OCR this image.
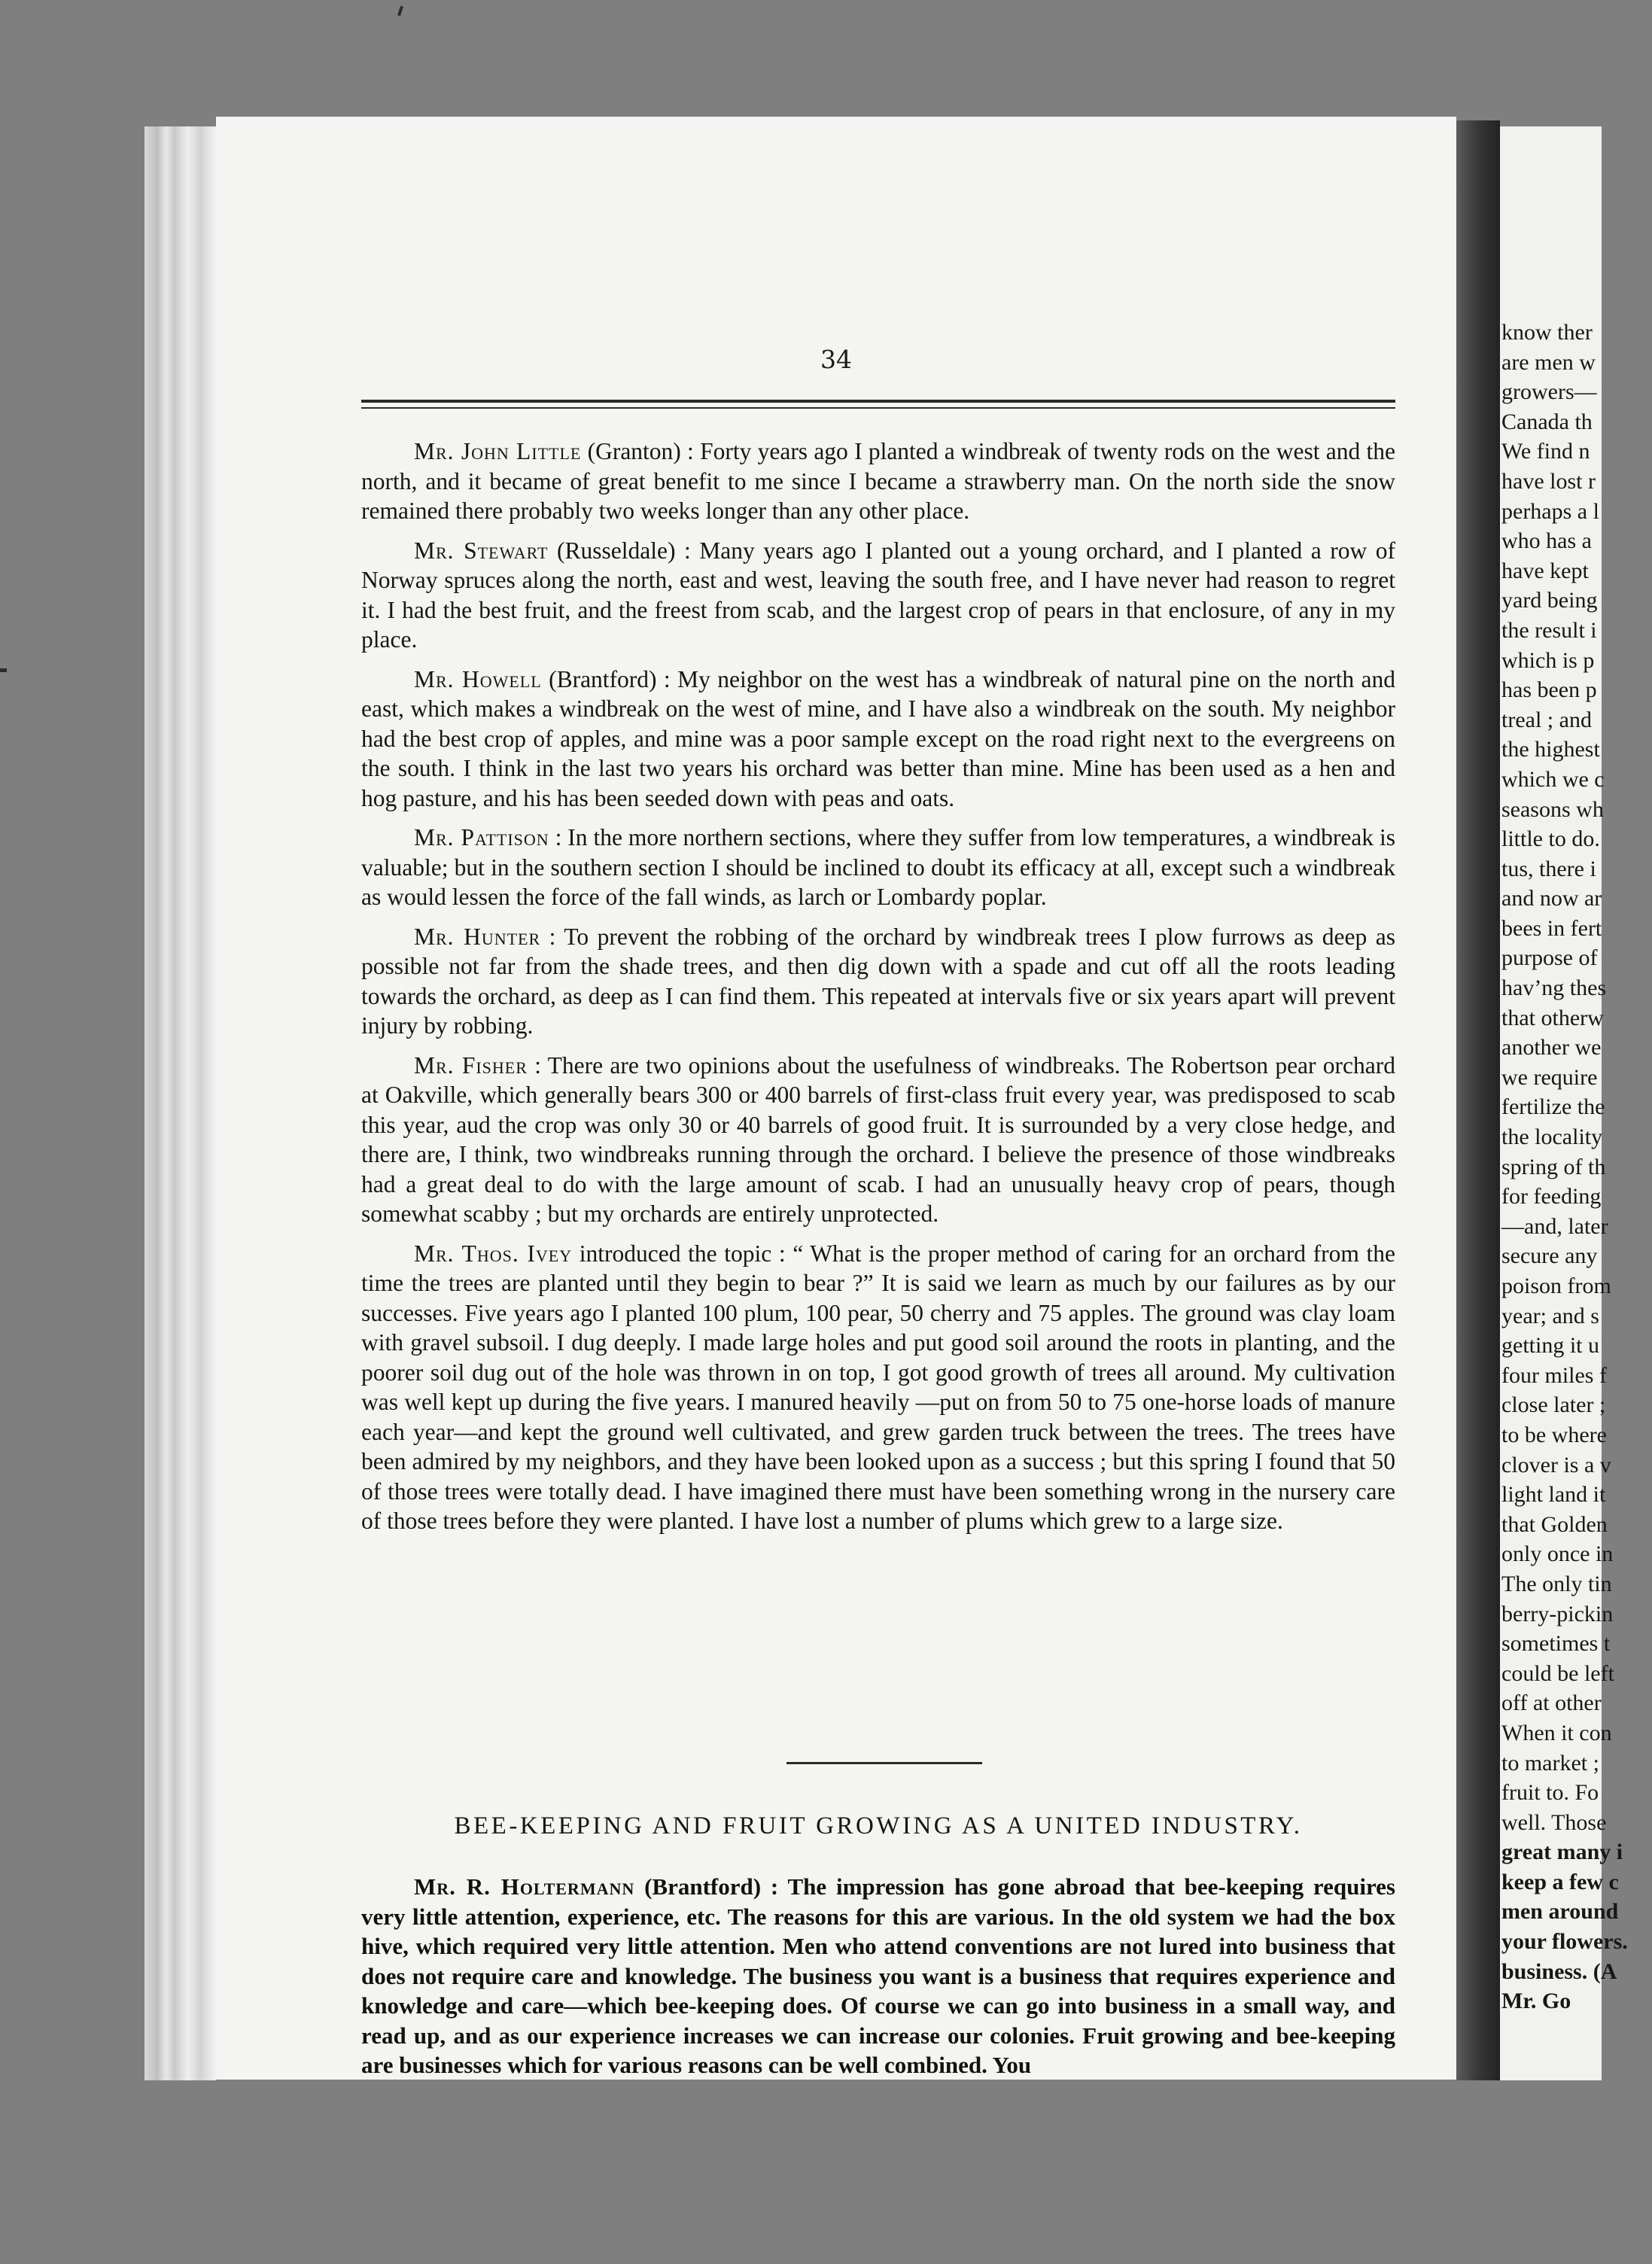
34

Mr. John Little (Granton) : Forty years ago I planted a windbreak of twenty rods on the west and the north, and it became of great benefit to me since I became a strawberry man. On the north side the snow remained there probably two weeks longer than any other place.

Mr. Stewart (Russeldale) : Many years ago I planted out a young orchard, and I planted a row of Norway spruces along the north, east and west, leaving the south free, and I have never had reason to regret it. I had the best fruit, and the freest from scab, and the largest crop of pears in that enclosure, of any in my place.

Mr. Howell (Brantford) : My neighbor on the west has a windbreak of natural pine on the north and east, which makes a windbreak on the west of mine, and I have also a windbreak on the south. My neighbor had the best crop of apples, and mine was a poor sample except on the road right next to the evergreens on the south. I think in the last two years his orchard was better than mine. Mine has been used as a hen and hog pasture, and his has been seeded down with peas and oats.

Mr. Pattison : In the more northern sections, where they suffer from low temperatures, a windbreak is valuable; but in the southern section I should be inclined to doubt its efficacy at all, except such a windbreak as would lessen the force of the fall winds, as larch or Lombardy poplar.

Mr. Hunter : To prevent the robbing of the orchard by windbreak trees I plow furrows as deep as possible not far from the shade trees, and then dig down with a spade and cut off all the roots leading towards the orchard, as deep as I can find them. This repeated at intervals five or six years apart will prevent injury by robbing.

Mr. Fisher : There are two opinions about the usefulness of windbreaks. The Robertson pear orchard at Oakville, which generally bears 300 or 400 barrels of first-class fruit every year, was predisposed to scab this year, aud the crop was only 30 or 40 barrels of good fruit. It is surrounded by a very close hedge, and there are, I think, two windbreaks running through the orchard. I believe the presence of those windbreaks had a great deal to do with the large amount of scab. I had an unusually heavy crop of pears, though somewhat scabby ; but my orchards are entirely unprotected.

Mr. Thos. Ivey introduced the topic : “ What is the proper method of caring for an orchard from the time the trees are planted until they begin to bear ?” It is said we learn as much by our failures as by our successes. Five years ago I planted 100 plum, 100 pear, 50 cherry and 75 apples. The ground was clay loam with gravel subsoil. I dug deeply. I made large holes and put good soil around the roots in planting, and the poorer soil dug out of the hole was thrown in on top, I got good growth of trees all around. My cultivation was well kept up during the five years. I manured heavily —put on from 50 to 75 one-horse loads of manure each year—and kept the ground well cultivated, and grew garden truck between the trees. The trees have been admired by my neighbors, and they have been looked upon as a success ; but this spring I found that 50 of those trees were totally dead. I have imagined there must have been something wrong in the nursery care of those trees before they were planted. I have lost a number of plums which grew to a large size.

BEE-KEEPING AND FRUIT GROWING AS A UNITED INDUSTRY.

Mr. R. Holtermann (Brantford) : The impression has gone abroad that bee-keeping requires very little attention, experience, etc. The reasons for this are various. In the old system we had the box hive, which required very little attention. Men who attend conventions are not lured into business that does not require care and knowledge. The business you want is a business that requires experience and knowledge and care—which bee-keeping does. Of course we can go into business in a small way, and read up, and as our experience increases we can increase our colonies. Fruit growing and bee-keeping are businesses which for various reasons can be well combined. You

know ther
are men w
growers—
Canada th
We find n
have lost r
perhaps a l
who has a
have kept
yard being
the result i
which is p
has been p
treal ; and
the highest
which we c
seasons wh
little to do.
tus, there i
and now ar
bees in fert
purpose of
hav’ng thes
that otherw
another we
we require
fertilize the
the locality
spring of th
for feeding
—and, later
secure any
poison from
year; and s
getting it u
four miles f
close later ;
to be where
clover is a v
light land it
that Golden
only once in
The only tin
berry-pickin
sometimes t
could be left
off at other
When it con
to market ;
fruit to. Fo
well. Those
great many i
keep a few c
men around
your flowers.
business. (A
Mr. Go
